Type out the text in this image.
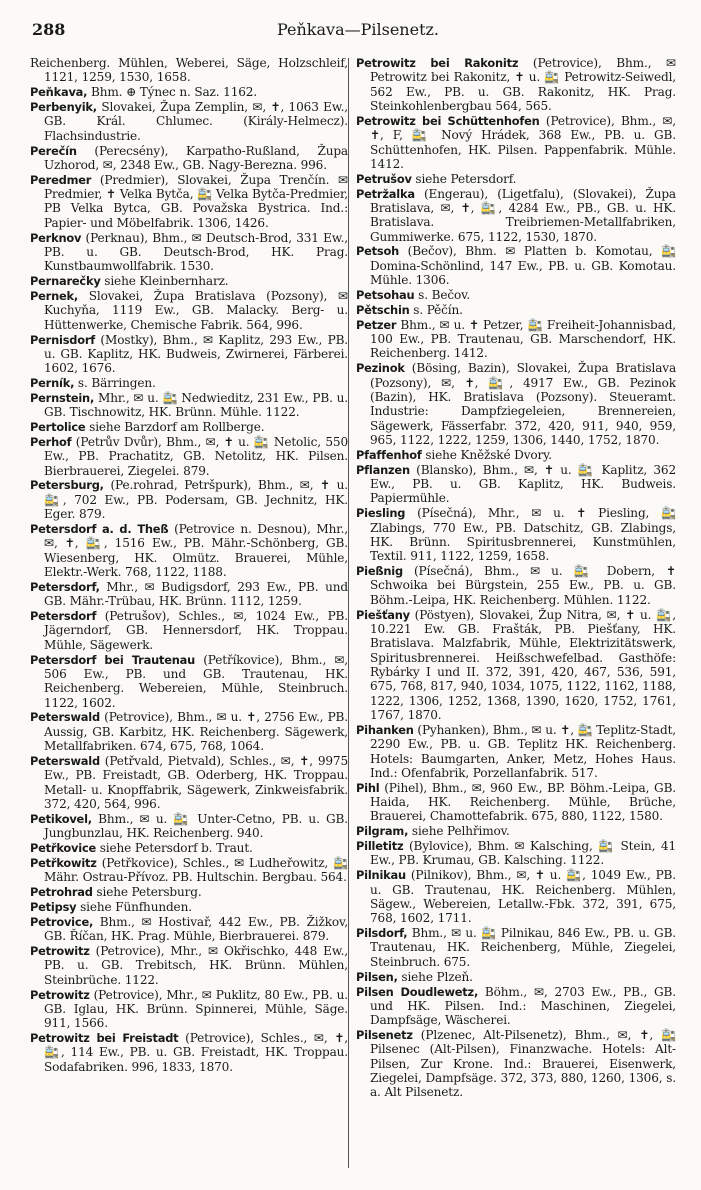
288	Peňkava—Pilsenetz.

Reichenberg. Mühlen, Weberei, Säge, Holzschleif, 1121, 1259, 1530, 1658.

Peňkava, Bhm. ⊕ Týnec n. Saz. 1162.

Perbenyik, Slovakei, Župa Zemplin, ✉, ✝, 1063 Ew., GB. Král. Chlumec. (Király-Helmecz). Flachsindustrie.

Perečín (Perecsény), Karpatho-Rußland, Župa Uzhorod, ✉, 2348 Ew., GB. Nagy-Berezna. 996.

Peredmer (Predmier), Slovakei, Župa Trenčín. ✉ Predmier, ✝ Velka Bytča, 🚉 Velka Bytča-Predmier, PB Velka Bytca, GB. Považska Bystrica. Ind.: Papier- und Möbelfabrik. 1306, 1426.

Perknov (Perknau), Bhm., ✉ Deutsch-Brod, 331 Ew., PB. u. GB. Deutsch-Brod, HK. Prag. Kunstbaumwollfabrik. 1530.

Pernarečky siehe Kleinbernharz.

Pernek, Slovakei, Župa Bratislava (Pozsony), ✉ Kuchyňa, 1119 Ew., GB. Malacky. Berg- u. Hüttenwerke, Chemische Fabrik. 564, 996.

Pernisdorf (Mostky), Bhm., ✉ Kaplitz, 293 Ew., PB. u. GB. Kaplitz, HK. Budweis, Zwirnerei, Färberei. 1602, 1676.

Perník, s. Bärringen.

Pernstein, Mhr., ✉ u. 🚉 Nedwieditz, 231 Ew., PB. u. GB. Tischnowitz, HK. Brünn. Mühle. 1122.

Pertolice siehe Barzdorf am Rollberge.

Perhof (Petrův Dvůr), Bhm., ✉, ✝ u. 🚉 Netolic, 550 Ew., PB. Prachatitz, GB. Netolitz, HK. Pilsen. Bierbrauerei, Ziegelei. 879.

Petersburg, (Pe.rohrad, Petršpurk), Bhm., ✉, ✝ u. 🚉, 702 Ew., PB. Podersam, GB. Jechnitz, HK. Eger. 879.

Petersdorf a. d. Theß (Petrovice n. Desnou), Mhr., ✉, ✝, 🚉, 1516 Ew., PB. Mähr.-Schönberg, GB. Wiesenberg, HK. Olmütz. Brauerei, Mühle, Elektr.-Werk. 768, 1122, 1188.

Petersdorf, Mhr., ✉ Budigsdorf, 293 Ew., PB. und GB. Mähr.-Trübau, HK. Brünn. 1112, 1259.

Petersdorf (Petrušov), Schles., ✉, 1024 Ew., PB. Jägerndorf, GB. Hennersdorf, HK. Troppau. Mühle, Sägewerk.

Petersdorf bei Trautenau (Petříkovice), Bhm., ✉, 506 Ew., PB. und GB. Trautenau, HK. Reichenberg. Webereien, Mühle, Steinbruch. 1122, 1602.

Peterswald (Petrovice), Bhm., ✉ u. ✝, 2756 Ew., PB. Aussig, GB. Karbitz, HK. Reichenberg. Sägewerk, Metallfabriken. 674, 675, 768, 1064.

Peterswald (Petřvald, Pietvald), Schles., ✉, ✝, 9975 Ew., PB. Freistadt, GB. Oderberg, HK. Troppau. Metall- u. Knopffabrik, Sägewerk, Zinkweisfabrik. 372, 420, 564, 996.

Petikovel, Bhm., ✉ u. 🚉 Unter-Cetno, PB. u. GB. Jungbunzlau, HK. Reichenberg. 940.

Petřkovice siehe Petersdorf b. Traut.

Petřkowitz (Petřkovice), Schles., ✉ Ludheřowitz, 🚉 Mähr. Ostrau-Přívoz. PB. Hultschin. Bergbau. 564.

Petrohrad siehe Petersburg.

Petipsy siehe Fünfhunden.

Petrovice, Bhm., ✉ Hostivař, 442 Ew., PB. Žižkov, GB. Říčan, HK. Prag. Mühle, Bierbrauerei. 879.

Petrowitz (Petrovice), Mhr., ✉ Okřischko, 448 Ew., PB. u. GB. Trebitsch, HK. Brünn. Mühlen, Steinbrüche. 1122.

Petrowitz (Petrovice), Mhr., ✉ Puklitz, 80 Ew., PB. u. GB. Iglau, HK. Brünn. Spinnerei, Mühle, Säge. 911, 1566.

Petrowitz bei Freistadt (Petrovice), Schles., ✉, ✝, 🚉, 114 Ew., PB. u. GB. Freistadt, HK. Troppau. Sodafabriken. 996, 1833, 1870.

Petrowitz bei Rakonitz (Petrovice), Bhm., ✉ Petrowitz bei Rakonitz, ✝ u. 🚉 Petrowitz-Seiwedl, 562 Ew., PB. u. GB. Rakonitz, HK. Prag. Steinkohlenbergbau 564, 565.

Petrowitz bei Schüttenhofen (Petrovice), Bhm., ✉, ✝, F, 🚉 Nový Hrádek, 368 Ew., PB. u. GB. Schüttenhofen, HK. Pilsen. Pappenfabrik. Mühle. 1412.

Petrušov siehe Petersdorf.

Petržalka (Engerau), (Ligetfalu), (Slovakei), Župa Bratislava, ✉, ✝, 🚉, 4284 Ew., PB., GB. u. HK. Bratislava. Treibriemen-Metallfabriken, Gummiwerke. 675, 1122, 1530, 1870.

Petsoh (Bečov), Bhm. ✉ Platten b. Komotau, 🚉 Domina-Schönlind, 147 Ew., PB. u. GB. Komotau. Mühle. 1306.

Petsohau s. Bečov.

Pětschin s. Pěčín.

Petzer Bhm., ✉ u. ✝ Petzer, 🚉 Freiheit-Johannisbad, 100 Ew., PB. Trautenau, GB. Marschendorf, HK. Reichenberg. 1412.

Pezinok (Bösing, Bazin), Slovakei, Župa Bratislava (Pozsony), ✉, ✝, 🚉, 4917 Ew., GB. Pezinok (Bazin), HK. Bratislava (Pozsony). Steueramt. Industrie: Dampfziegeleien, Brennereien, Sägewerk, Fässerfabr. 372, 420, 911, 940, 959, 965, 1122, 1222, 1259, 1306, 1440, 1752, 1870.

Pfaffenhof siehe Kněžské Dvory.

Pflanzen (Blansko), Bhm., ✉, ✝ u. 🚉 Kaplitz, 362 Ew., PB. u. GB. Kaplitz, HK. Budweis. Papiermühle.

Piesling (Písečná), Mhr., ✉ u. ✝ Piesling, 🚉 Zlabings, 770 Ew., PB. Datschitz, GB. Zlabings, HK. Brünn. Spiritusbrennerei, Kunstmühlen, Textil. 911, 1122, 1259, 1658.

Pießnig (Písečná), Bhm., ✉ u. 🚉 Dobern, ✝ Schwoika bei Bürgstein, 255 Ew., PB. u. GB. Böhm.-Leipa, HK. Reichenberg. Mühlen. 1122.

Piešťany (Pöstyen), Slovakei, Žup Nitra, ✉, ✝ u. 🚉, 10.221 Ew. GB. Frašták, PB. Piešťany, HK. Bratislava. Malzfabrik, Mühle, Elektrizitätswerk, Spiritusbrennerei. Heißschwefelbad. Gasthöfe: Rybárky I und II. 372, 391, 420, 467, 536, 591, 675, 768, 817, 940, 1034, 1075, 1122, 1162, 1188, 1222, 1306, 1252, 1368, 1390, 1620, 1752, 1761, 1767, 1870.

Pihanken (Pyhanken), Bhm., ✉ u. ✝, 🚉 Teplitz-Stadt, 2290 Ew., PB. u. GB. Teplitz HK. Reichenberg. Hotels: Baumgarten, Anker, Metz, Hohes Haus. Ind.: Ofenfabrik, Porzellanfabrik. 517.

Pihl (Pihel), Bhm., ✉, 960 Ew., BP. Böhm.-Leipa, GB. Haida, HK. Reichenberg. Mühle, Brüche, Brauerei, Chamottefabrik. 675, 880, 1122, 1580.

Pilgram, siehe Pelhřimov.

Pilletitz (Bylovice), Bhm. ✉ Kalsching, 🚉 Stein, 41 Ew., PB. Krumau, GB. Kalsching. 1122.

Pilnikau (Pilnikov), Bhm., ✉, ✝ u. 🚉, 1049 Ew., PB. u. GB. Trautenau, HK. Reichenberg. Mühlen, Sägew., Webereien, Letallw.-Fbk. 372, 391, 675, 768, 1602, 1711.

Pilsdorf, Bhm., ✉ u. 🚉 Pilnikau, 846 Ew., PB. u. GB. Trautenau, HK. Reichenberg, Mühle, Ziegelei, Steinbruch. 675.

Pilsen, siehe Plzeň.

Pilsen Doudlewetz, Böhm., ✉, 2703 Ew., PB., GB. und HK. Pilsen. Ind.: Maschinen, Ziegelei, Dampfsäge, Wäscherei.

Pilsenetz (Plzenec, Alt-Pilsenetz), Bhm., ✉, ✝, 🚉 Pilsenec (Alt-Pilsen), Finanzwache. Hotels: Alt-Pilsen, Zur Krone. Ind.: Brauerei, Eisenwerk, Ziegelei, Dampfsäge. 372, 373, 880, 1260, 1306, s. a. Alt Pilsenetz.
